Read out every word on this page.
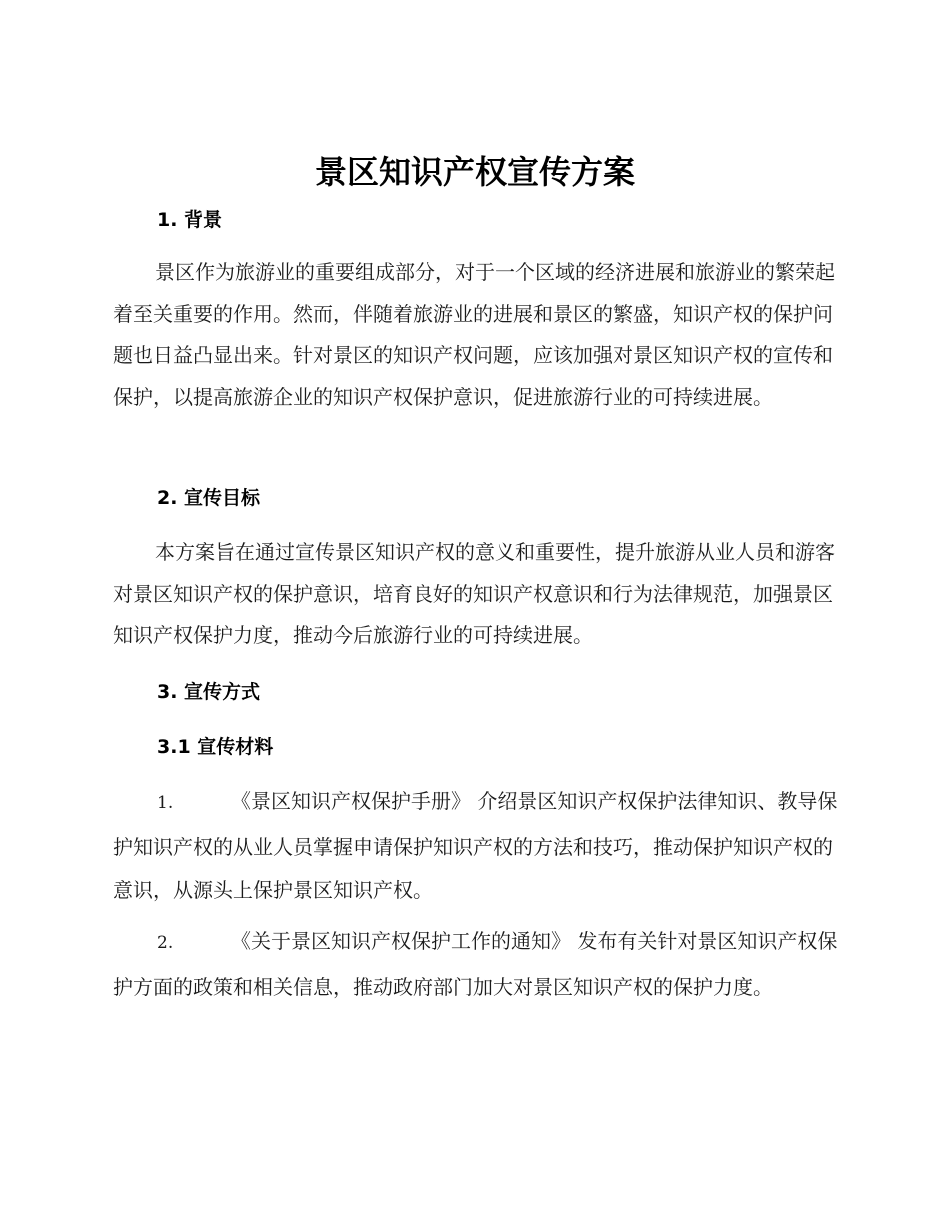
景区知识产权宣传方案
1. 背景

景区作为旅游业的重要组成部分，对于一个区域的经济进展和旅游业的繁荣起着至关重要的作用。然而，伴随着旅游业的进展和景区的繁盛，知识产权的保护问题也日益凸显出来。针对景区的知识产权问题，应该加强对景区知识产权的宣传和保护，以提高旅游企业的知识产权保护意识，促进旅游行业的可持续进展。

2. 宣传目标

本方案旨在通过宣传景区知识产权的意义和重要性，提升旅游从业人员和游客对景区知识产权的保护意识，培育良好的知识产权意识和行为法律规范，加强景区知识产权保护力度，推动今后旅游行业的可持续进展。

3. 宣传方式
3.1 宣传材料

1.	《景区知识产权保护手册》 介绍景区知识产权保护法律知识、教导保护知识产权的从业人员掌握申请保护知识产权的方法和技巧，推动保护知识产权的意识，从源头上保护景区知识产权。

2.	《关于景区知识产权保护工作的通知》 发布有关针对景区知识产权保护方面的政策和相关信息，推动政府部门加大对景区知识产权的保护力度。
